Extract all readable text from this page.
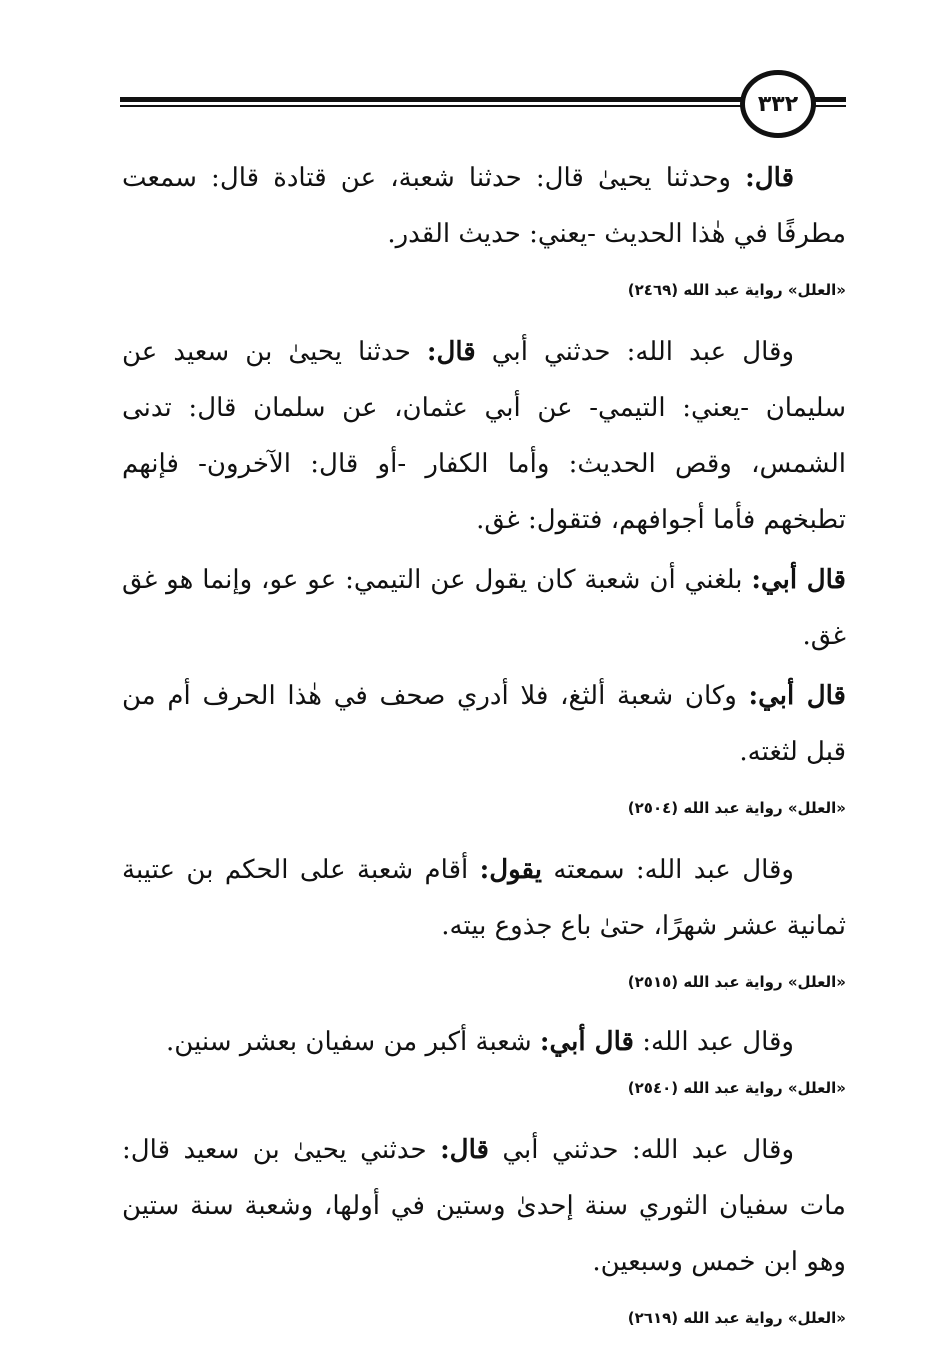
٣٣٢

قال: وحدثنا يحيىٰ قال: حدثنا شعبة، عن قتادة قال: سمعت مطرفًا في هٰذا الحديث -يعني: حديث القدر.

«العلل» رواية عبد الله (٢٤٦٩)

وقال عبد الله: حدثني أبي قال: حدثنا يحيىٰ بن سعيد عن سليمان -يعني: التيمي- عن أبي عثمان، عن سلمان قال: تدنى الشمس، وقص الحديث: وأما الكفار -أو قال: الآخرون- فإنهم تطبخهم فأما أجوافهم، فتقول: غق.

قال أبي: بلغني أن شعبة كان يقول عن التيمي: عو عو، وإنما هو غق غق.

قال أبي: وكان شعبة ألثغ، فلا أدري صحف في هٰذا الحرف أم من قبل لثغته.

«العلل» رواية عبد الله (٢٥٠٤)

وقال عبد الله: سمعته يقول: أقام شعبة على الحكم بن عتيبة ثمانية عشر شهرًا، حتىٰ باع جذوع بيته.

«العلل» رواية عبد الله (٢٥١٥)

وقال عبد الله: قال أبي: شعبة أكبر من سفيان بعشر سنين.

«العلل» رواية عبد الله (٢٥٤٠)

وقال عبد الله: حدثني أبي قال: حدثني يحيىٰ بن سعيد قال: مات سفيان الثوري سنة إحدىٰ وستين في أولها، وشعبة سنة ستين وهو ابن خمس وسبعين.

«العلل» رواية عبد الله (٢٦١٩)
